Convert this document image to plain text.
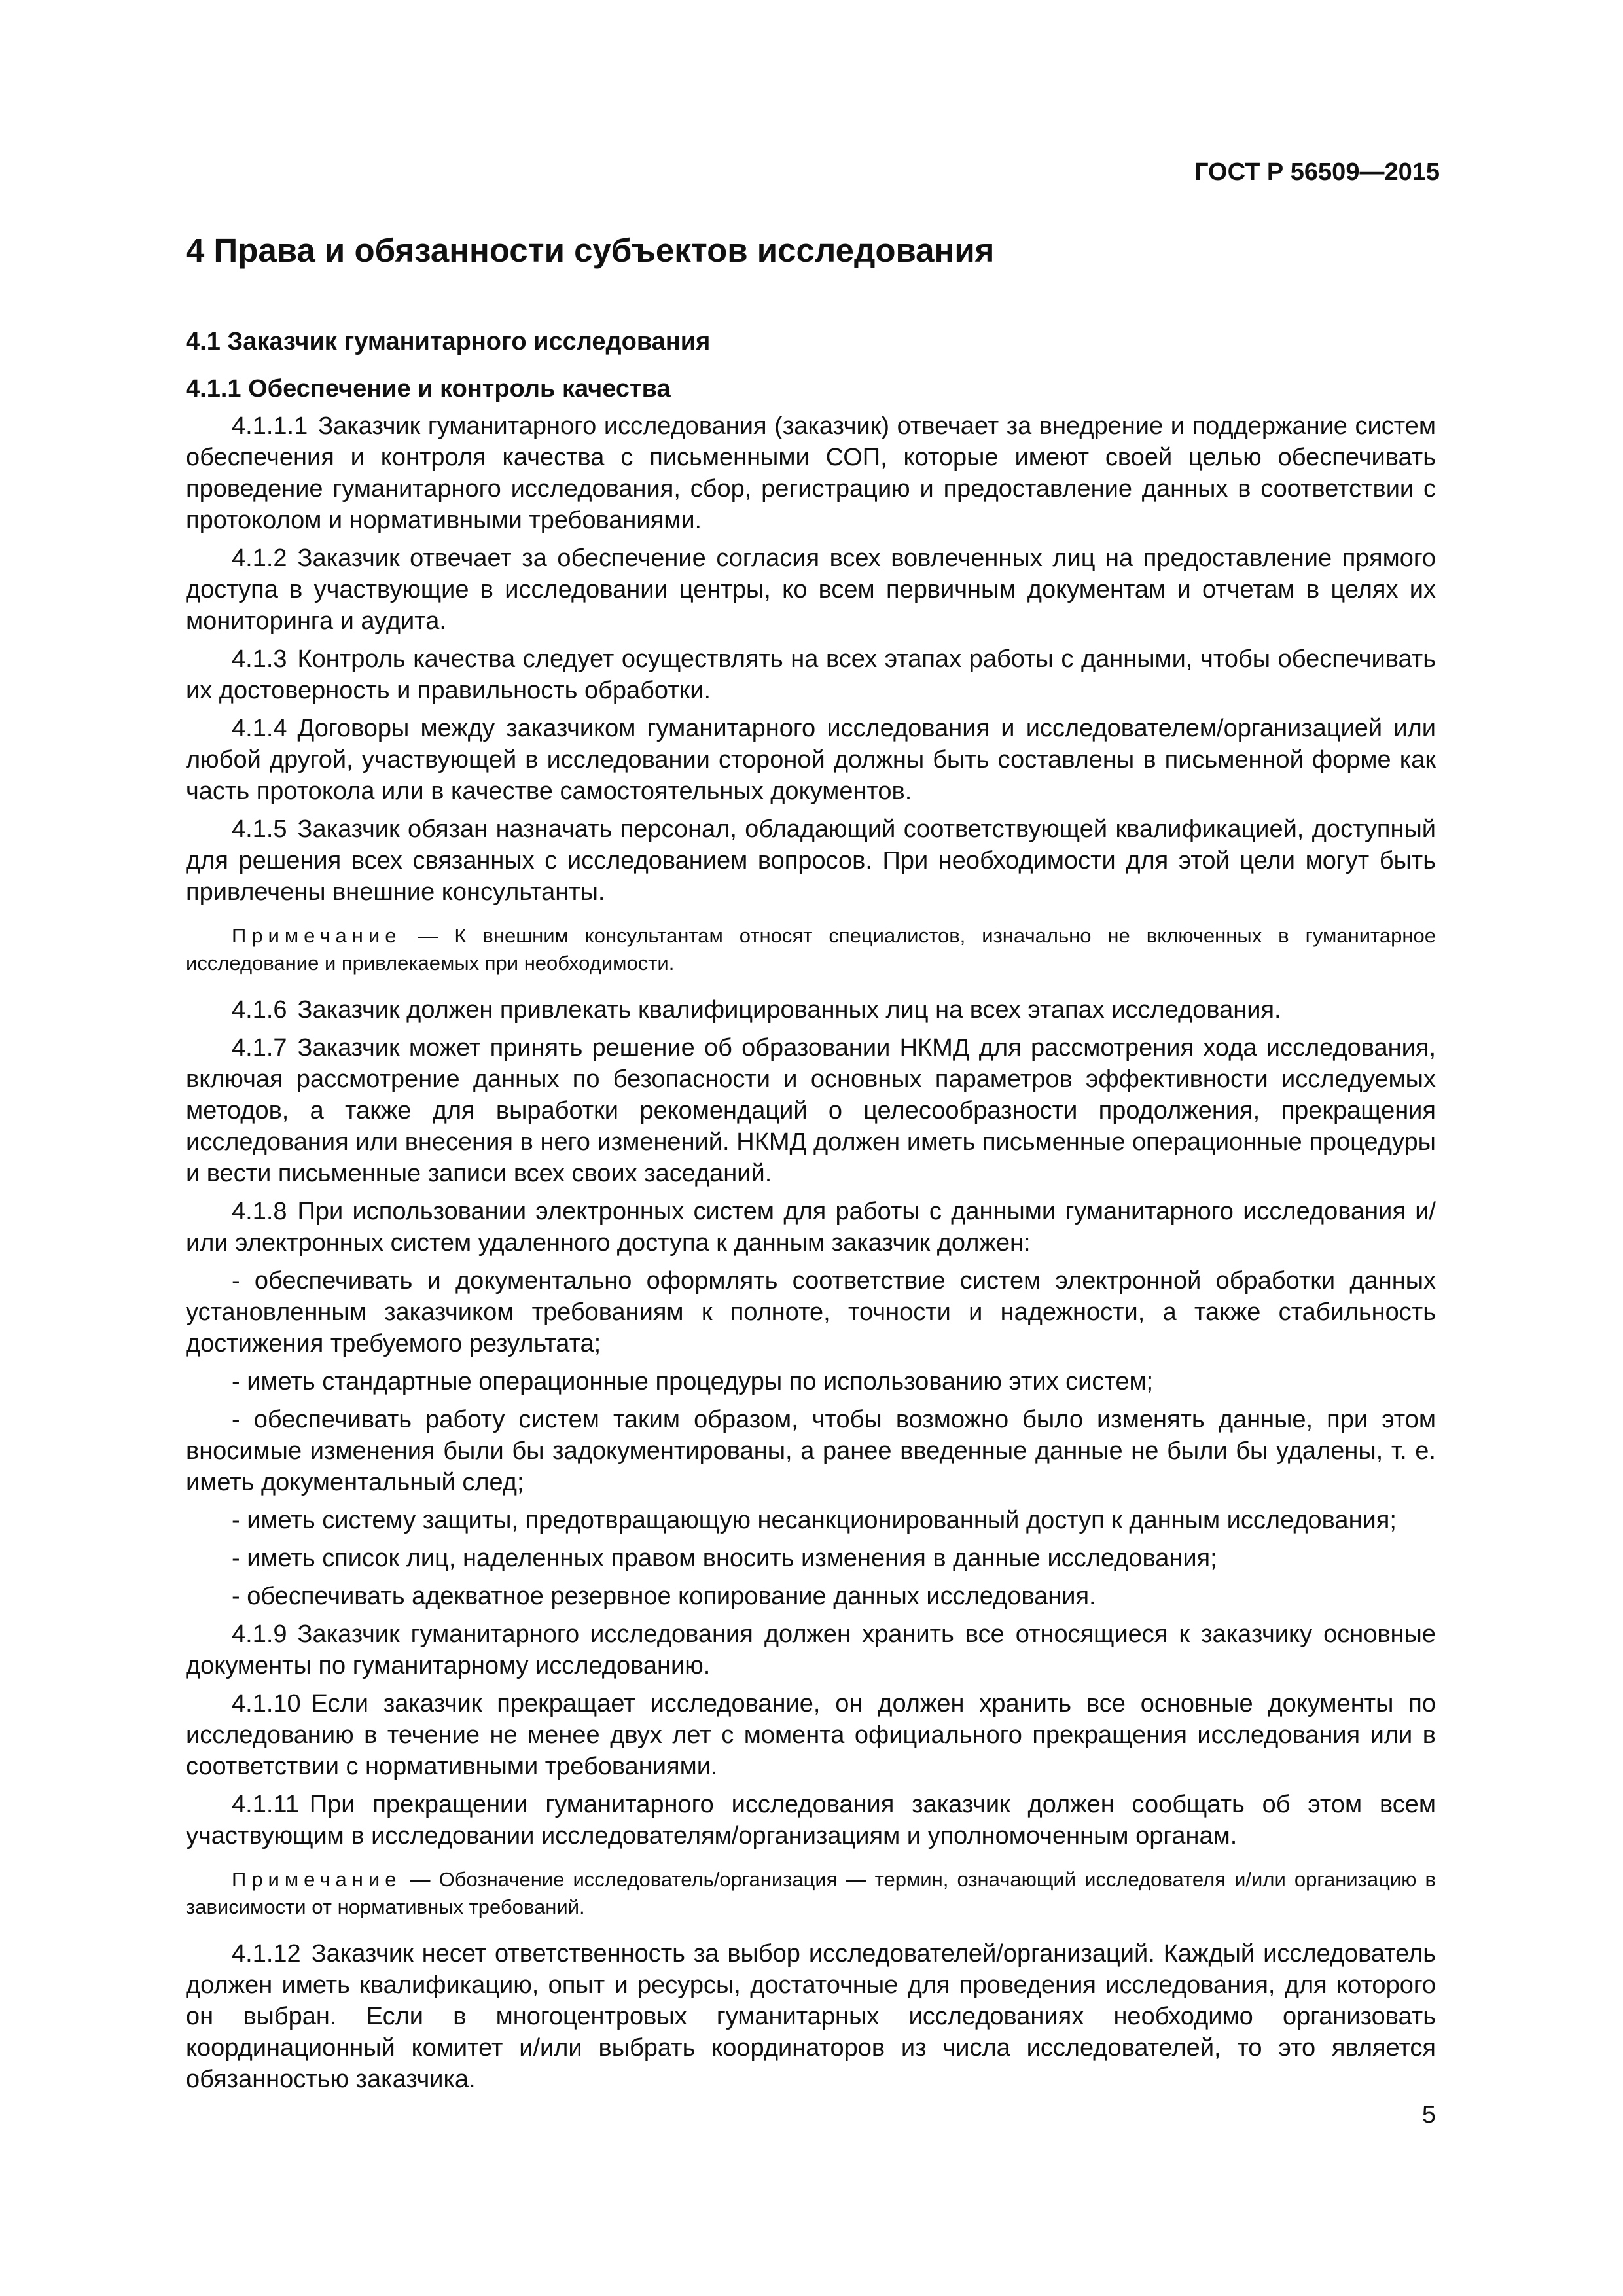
ГОСТ Р 56509—2015
4 Права и обязанности субъектов исследования
4.1 Заказчик гуманитарного исследования
4.1.1 Обеспечение и контроль качества

4.1.1.1 Заказчик гуманитарного исследования (заказчик) отвечает за внедрение и поддержание систем обеспечения и контроля качества с письменными СОП, которые имеют своей целью обеспечивать проведение гуманитарного исследования, сбор, регистрацию и предоставление данных в соответствии с протоколом и нормативными требованиями.

4.1.2 Заказчик отвечает за обеспечение согласия всех вовлеченных лиц на предоставление прямого доступа в участвующие в исследовании центры, ко всем первичным документам и отчетам в целях их мониторинга и аудита.

4.1.3 Контроль качества следует осуществлять на всех этапах работы с данными, чтобы обеспечивать их достоверность и правильность обработки.

4.1.4 Договоры между заказчиком гуманитарного исследования и исследователем/организацией или любой другой, участвующей в исследовании стороной должны быть составлены в письменной форме как часть протокола или в качестве самостоятельных документов.

4.1.5 Заказчик обязан назначать персонал, обладающий соответствующей квалификацией, доступный для решения всех связанных с исследованием вопросов. При необходимости для этой цели могут быть привлечены внешние консультанты.

Примечание — К внешним консультантам относят специалистов, изначально не включенных в гуманитарное исследование и привлекаемых при необходимости.

4.1.6 Заказчик должен привлекать квалифицированных лиц на всех этапах исследования.

4.1.7 Заказчик может принять решение об образовании НКМД для рассмотрения хода исследования, включая рассмотрение данных по безопасности и основных параметров эффективности исследуемых методов, а также для выработки рекомендаций о целесообразности продолжения, прекращения исследования или внесения в него изменений. НКМД должен иметь письменные операционные процедуры и вести письменные записи всех своих заседаний.

4.1.8 При использовании электронных систем для работы с данными гуманитарного исследования и/или электронных систем удаленного доступа к данным заказчик должен:

- обеспечивать и документально оформлять соответствие систем электронной обработки данных установленным заказчиком требованиям к полноте, точности и надежности, а также стабильность достижения требуемого результата;
- иметь стандартные операционные процедуры по использованию этих систем;
- обеспечивать работу систем таким образом, чтобы возможно было изменять данные, при этом вносимые изменения были бы задокументированы, а ранее введенные данные не были бы удалены, т. е. иметь документальный след;
- иметь систему защиты, предотвращающую несанкционированный доступ к данным исследования;
- иметь список лиц, наделенных правом вносить изменения в данные исследования;
- обеспечивать адекватное резервное копирование данных исследования.

4.1.9 Заказчик гуманитарного исследования должен хранить все относящиеся к заказчику основные документы по гуманитарному исследованию.

4.1.10 Если заказчик прекращает исследование, он должен хранить все основные документы по исследованию в течение не менее двух лет с момента официального прекращения исследования или в соответствии с нормативными требованиями.

4.1.11 При прекращении гуманитарного исследования заказчик должен сообщать об этом всем участвующим в исследовании исследователям/организациям и уполномоченным органам.

Примечание — Обозначение исследователь/организация — термин, означающий исследователя и/или организацию в зависимости от нормативных требований.

4.1.12 Заказчик несет ответственность за выбор исследователей/организаций. Каждый исследователь должен иметь квалификацию, опыт и ресурсы, достаточные для проведения исследования, для которого он выбран. Если в многоцентровых гуманитарных исследованиях необходимо организовать координационный комитет и/или выбрать координаторов из числа исследователей, то это является обязанностью заказчика.

5
